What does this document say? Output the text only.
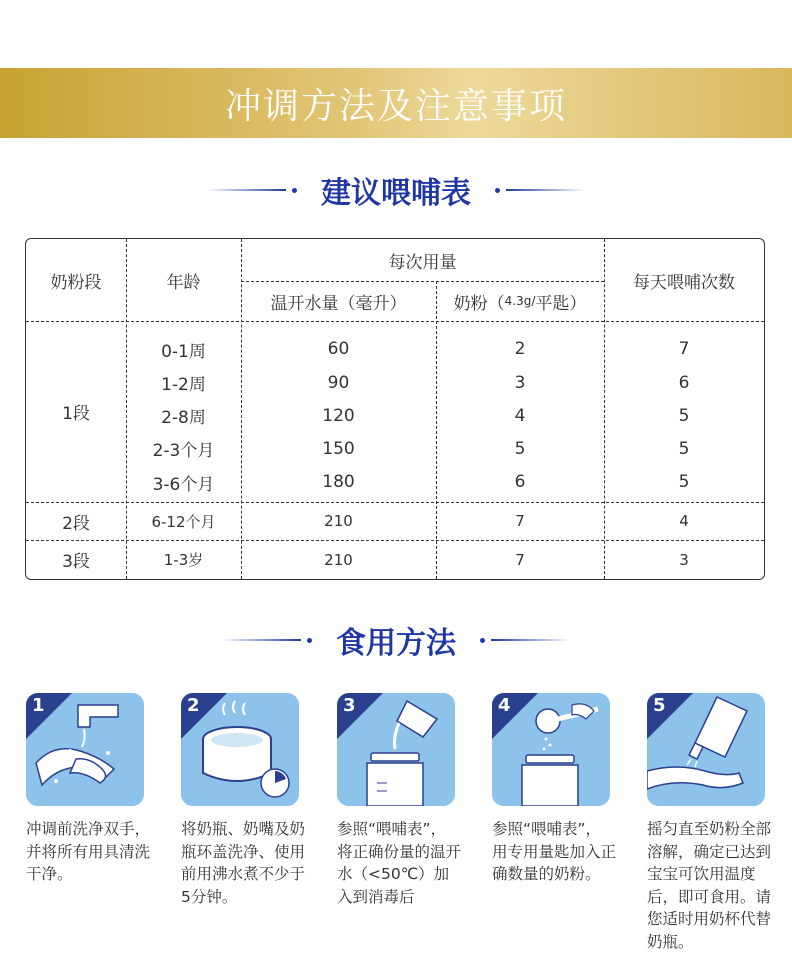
冲调方法及注意事项
建议喂哺表
奶粉段	年龄
每次用量
温开水量（毫升）	奶粉（ 4.3g/ 平匙）
每天喂哺次数
1段
0-1周	60	2	7
1-2周	90	3	6
2-8周	120	4	5
2-3个月	150	5	5
3-6个月	180	6	5
2段	6-12个月	210	7	4
3段	1-3岁	210	7	3
食用方法
1
冲调前洗净双手，并将所有用具清洗干净。
2
将奶瓶、奶嘴及奶瓶环盖洗净、使用前用沸水煮不少于5分钟。
3
参照“喂哺表”，将正确份量的温开水（<50℃）加入到消毒后
4
参照“喂哺表”，用专用量匙加入正确数量的奶粉。
5
摇匀直至奶粉全部溶解，确定已达到宝宝可饮用温度后，即可食用。请您适时用奶杯代替奶瓶。
